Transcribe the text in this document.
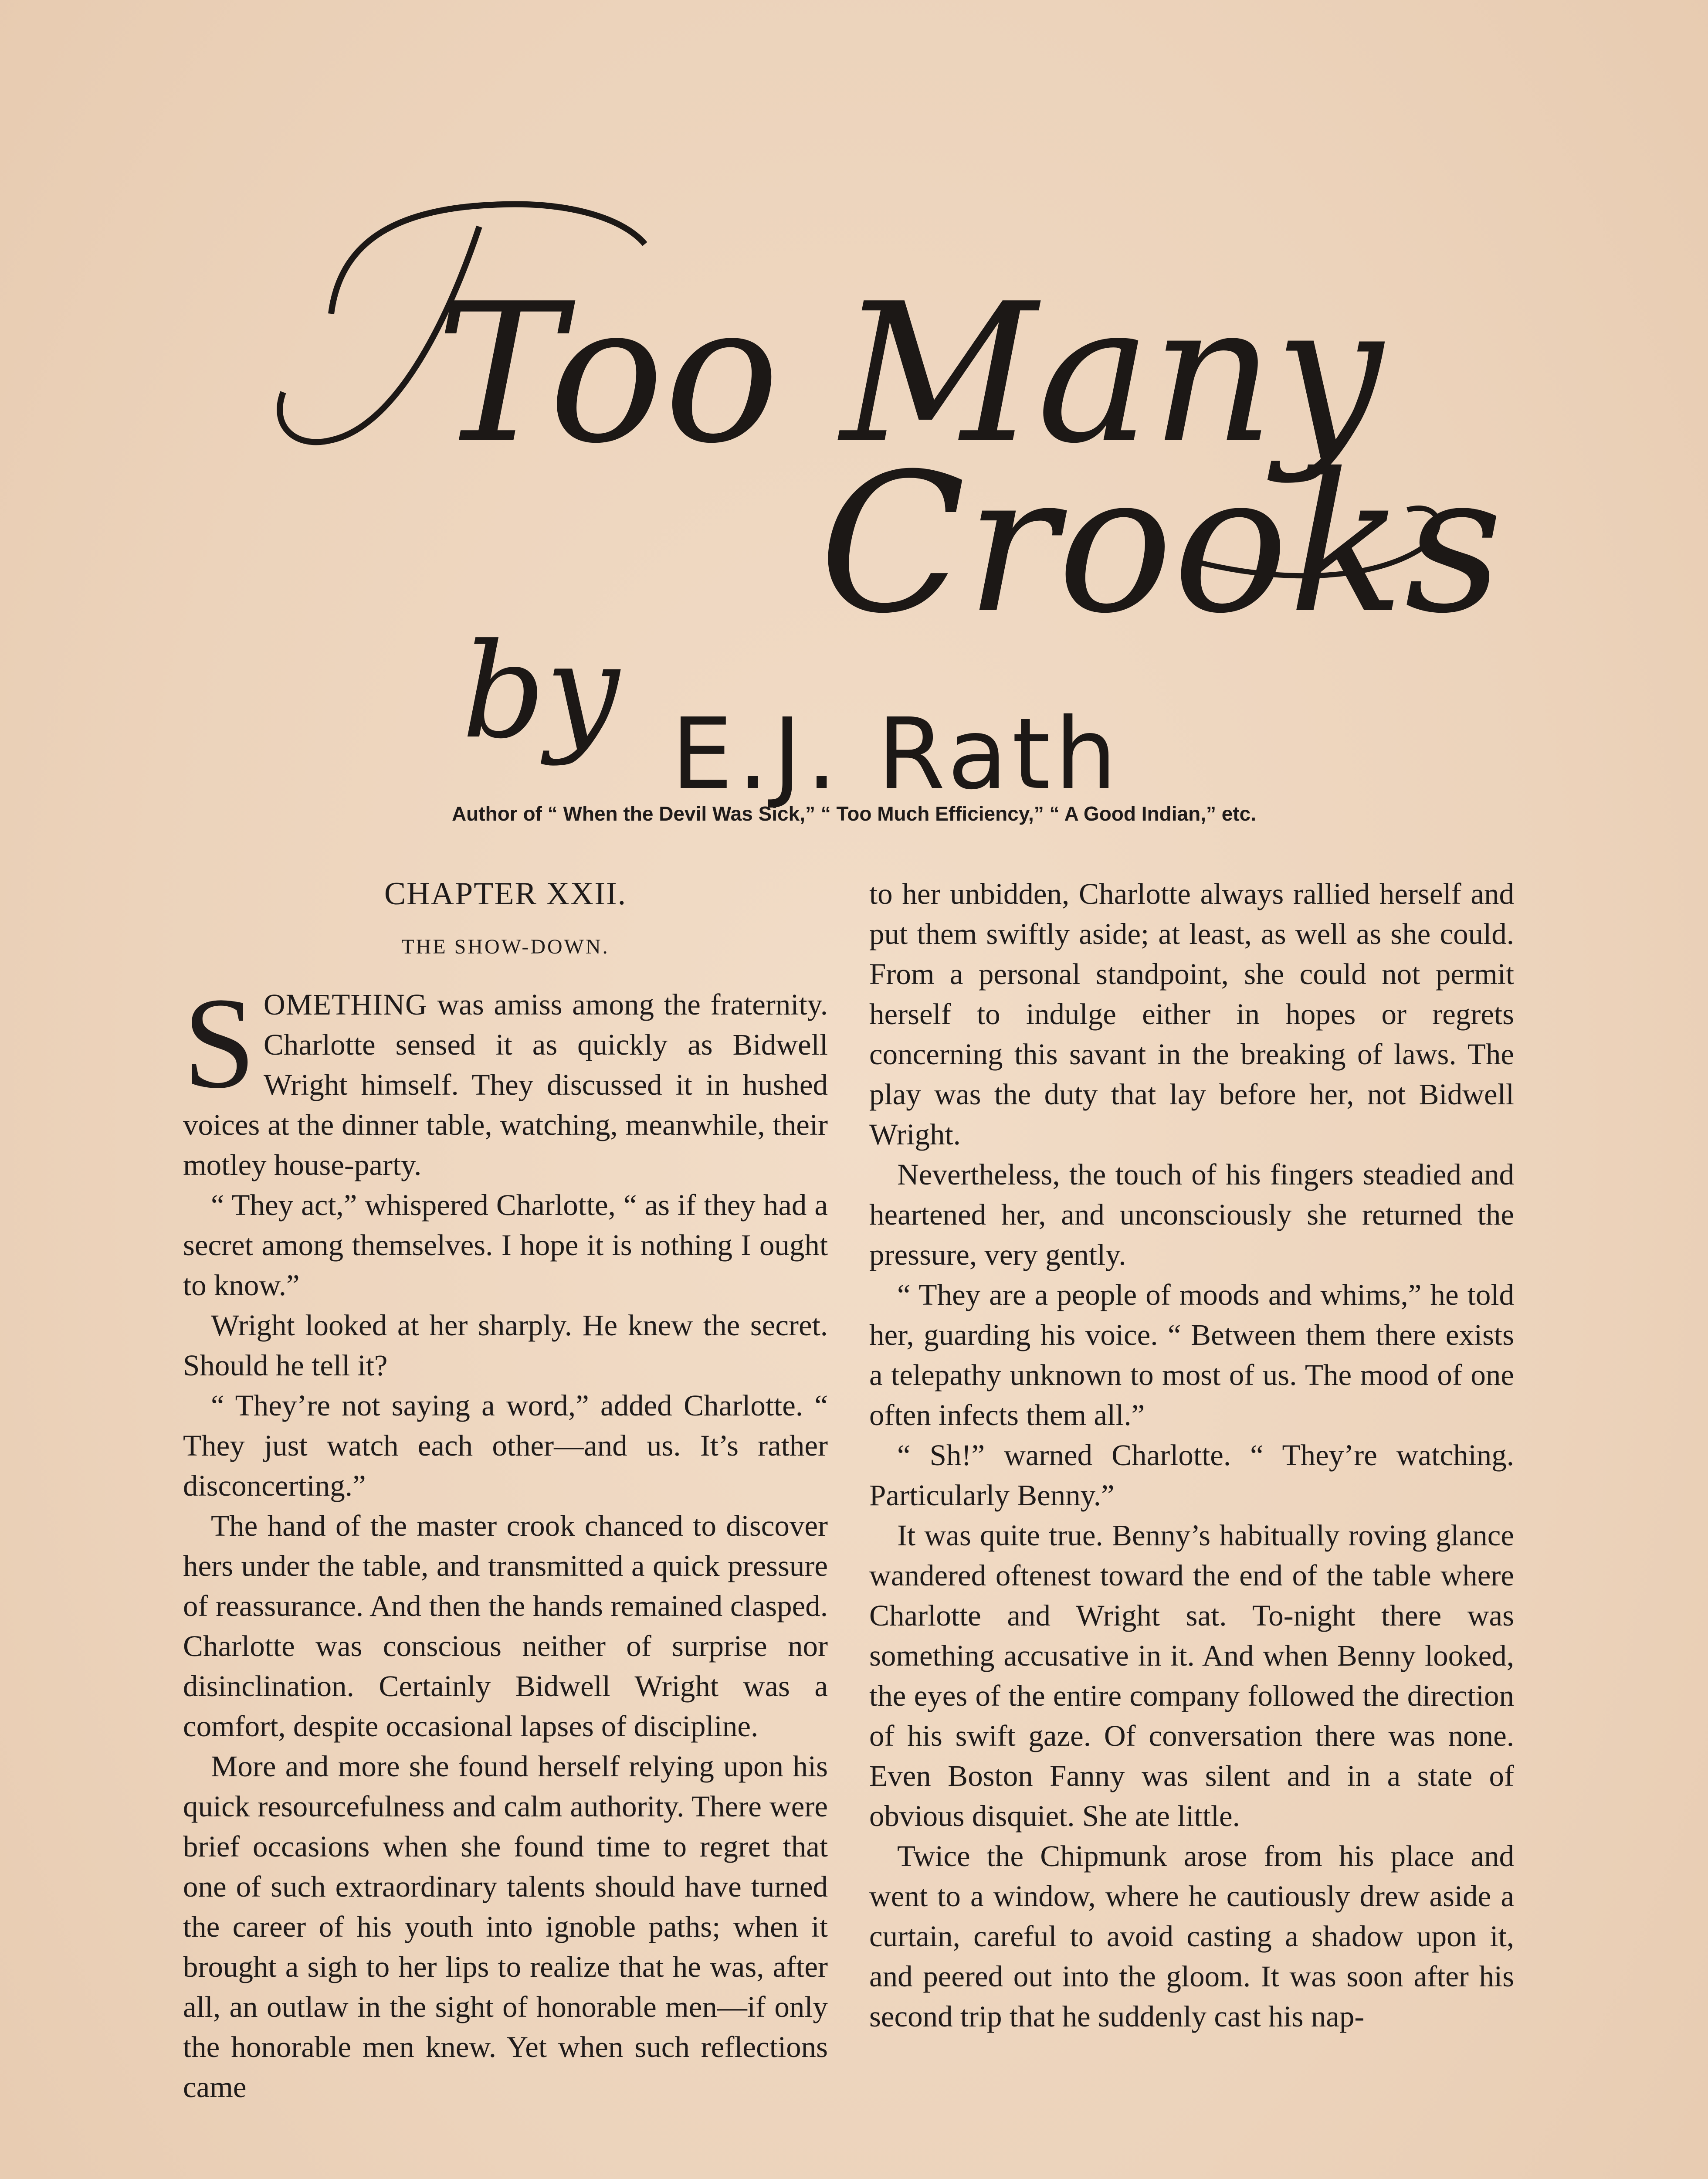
Too Many
Crooks
by E.J. Rath
Author of “ When the Devil Was Sick,” “ Too Much Efficiency,” “ A Good Indian,” etc.
CHAPTER XXII.
THE SHOW-DOWN.

SOMETHING was amiss among the fraternity. Charlotte sensed it as quickly as Bidwell Wright himself. They discussed it in hushed voices at the dinner table, watching, meanwhile, their motley house-party.

“ They act,” whispered Charlotte, “ as if they had a secret among themselves. I hope it is nothing I ought to know.”

Wright looked at her sharply. He knew the secret. Should he tell it?

“ They’re not saying a word,” added Charlotte. “ They just watch each other—and us. It’s rather disconcerting.”

The hand of the master crook chanced to discover hers under the table, and transmitted a quick pressure of reassurance. And then the hands remained clasped. Charlotte was conscious neither of surprise nor disinclination. Certainly Bidwell Wright was a comfort, despite occasional lapses of discipline.

More and more she found herself relying upon his quick resourcefulness and calm authority. There were brief occasions when she found time to regret that one of such extraordinary talents should have turned the career of his youth into ignoble paths; when it brought a sigh to her lips to realize that he was, after all, an outlaw in the sight of honorable men—if only the honorable men knew. Yet when such reflections came

to her unbidden, Charlotte always rallied herself and put them swiftly aside; at least, as well as she could. From a personal standpoint, she could not permit herself to indulge either in hopes or regrets concerning this savant in the breaking of laws. The play was the duty that lay before her, not Bidwell Wright.

Nevertheless, the touch of his fingers steadied and heartened her, and unconsciously she returned the pressure, very gently.

“ They are a people of moods and whims,” he told her, guarding his voice. “ Between them there exists a telepathy unknown to most of us. The mood of one often infects them all.”

“ Sh!” warned Charlotte. “ They’re watching. Particularly Benny.”

It was quite true. Benny’s habitually roving glance wandered oftenest toward the end of the table where Charlotte and Wright sat. To-night there was something accusative in it. And when Benny looked, the eyes of the entire company followed the direction of his swift gaze. Of conversation there was none. Even Boston Fanny was silent and in a state of obvious disquiet. She ate little.

Twice the Chipmunk arose from his place and went to a window, where he cautiously drew aside a curtain, careful to avoid casting a shadow upon it, and peered out into the gloom. It was soon after his second trip that he suddenly cast his nap-
